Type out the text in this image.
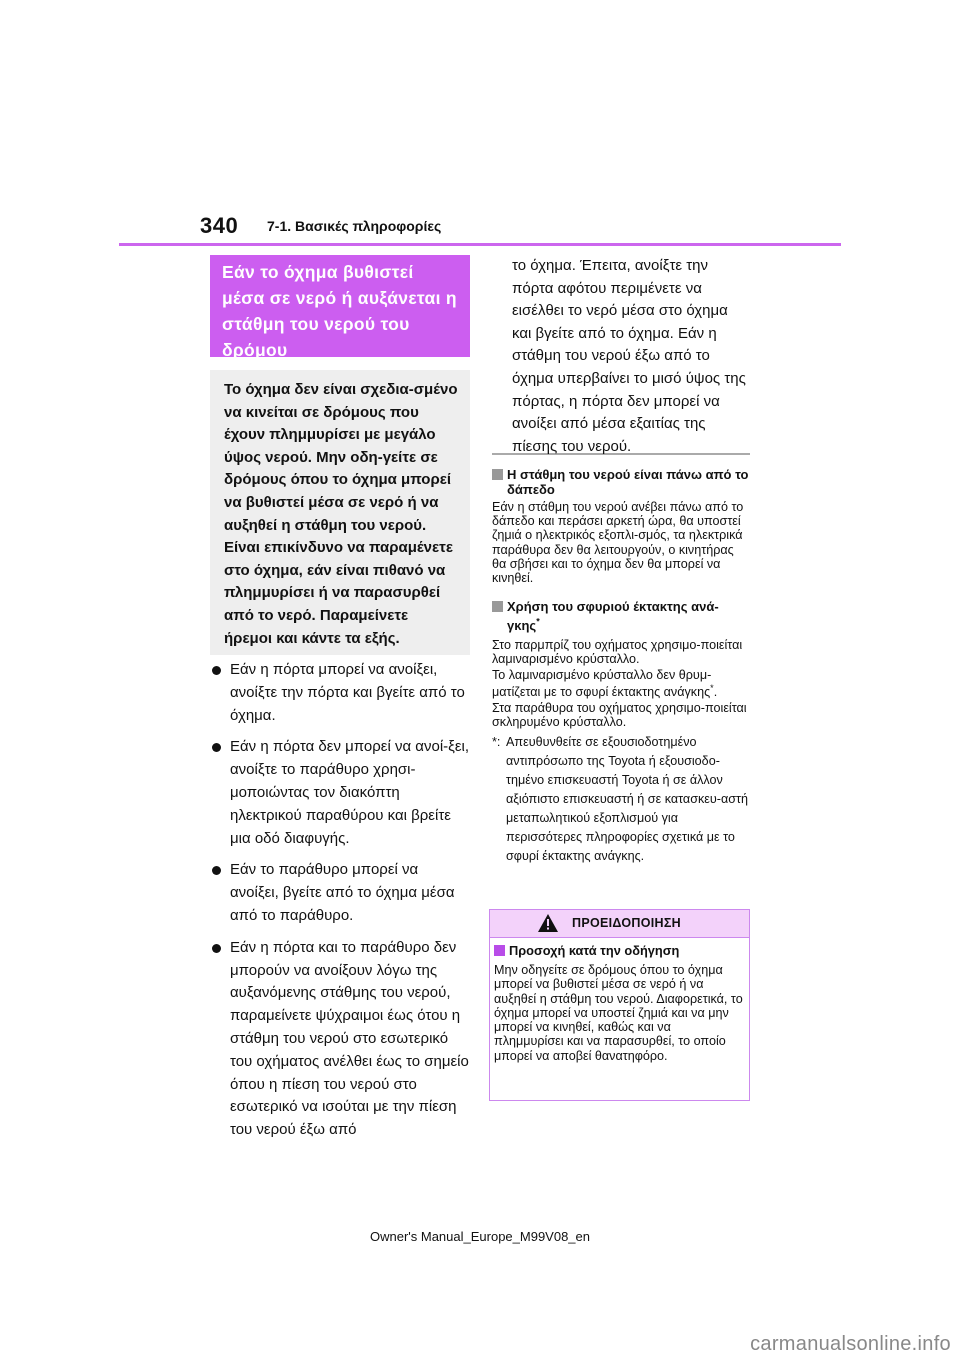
340 7-1. Βασικές πληροφορίες
Εάν το όχημα βυθιστεί μέσα σε νερό ή αυξάνεται η στάθμη του νερού του δρόμου
Το όχημα δεν είναι σχεδια-σμένο να κινείται σε δρόμους που έχουν πλημμυρίσει με μεγάλο ύψος νερού. Μην οδη-γείτε σε δρόμους όπου το όχημα μπορεί να βυθιστεί μέσα σε νερό ή να αυξηθεί η στάθμη του νερού. Είναι επικίνδυνο να παραμένετε στο όχημα, εάν είναι πιθανό να πλημμυρίσει ή να παρασυρθεί από το νερό. Παραμείνετε ήρεμοι και κάντε τα εξής.
Εάν η πόρτα μπορεί να ανοίξει, ανοίξτε την πόρτα και βγείτε από το όχημα.
Εάν η πόρτα δεν μπορεί να ανοί-ξει, ανοίξτε το παράθυρο χρησι-μοποιώντας τον διακόπτη ηλεκτρικού παραθύρου και βρείτε μια οδό διαφυγής.
Εάν το παράθυρο μπορεί να ανοίξει, βγείτε από το όχημα μέσα από το παράθυρο.
Εάν η πόρτα και το παράθυρο δεν μπορούν να ανοίξουν λόγω της αυξανόμενης στάθμης του νερού, παραμείνετε ψύχραιμοι έως ότου η στάθμη του νερού στο εσωτερικό του οχήματος ανέλθει έως το σημείο όπου η πίεση του νερού στο εσωτερικό να ισούται με την πίεση του νερού έξω από
το όχημα. Έπειτα, ανοίξτε την πόρτα αφότου περιμένετε να εισέλθει το νερό μέσα στο όχημα και βγείτε από το όχημα. Εάν η στάθμη του νερού έξω από το όχημα υπερβαίνει το μισό ύψος της πόρτας, η πόρτα δεν μπορεί να ανοίξει από μέσα εξαιτίας της πίεσης του νερού.
Η στάθμη του νερού είναι πάνω από το δάπεδο
Εάν η στάθμη του νερού ανέβει πάνω από το δάπεδο και περάσει αρκετή ώρα, θα υποστεί ζημιά ο ηλεκτρικός εξοπλι-σμός, τα ηλεκτρικά παράθυρα δεν θα λειτουργούν, ο κινητήρας θα σβήσει και το όχημα δεν θα μπορεί να κινηθεί.
Χρήση του σφυριού έκτακτης ανά-γκης*
Στο παρμπρίζ του οχήματος χρησιμο-ποιείται λαμιναρισμένο κρύσταλλο.
Το λαμιναρισμένο κρύσταλλο δεν θρυμ-ματίζεται με το σφυρί έκτακτης ανάγκης*.
Στα παράθυρα του οχήματος χρησιμο-ποιείται σκληρυμένο κρύσταλλο.
*: Απευθυνθείτε σε εξουσιοδοτημένο αντιπρόσωπο της Toyota ή εξουσιοδο-τημένο επισκευαστή Toyota ή σε άλλον αξιόπιστο επισκευαστή ή σε κατασκευ-αστή μεταπωλητικού εξοπλισμού για περισσότερες πληροφορίες σχετικά με το σφυρί έκτακτης ανάγκης.
ΠΡΟΕΙΔΟΠΟΙΗΣΗ
Προσοχή κατά την οδήγηση
Μην οδηγείτε σε δρόμους όπου το όχημα μπορεί να βυθιστεί μέσα σε νερό ή να αυξηθεί η στάθμη του νερού. Διαφορετικά, το όχημα μπορεί να υποστεί ζημιά και να μην μπορεί να κινηθεί, καθώς και να πλημμυρίσει και να παρασυρθεί, το οποίο μπορεί να αποβεί θανατηφόρο.
Owner's Manual_Europe_M99V08_en
carmanualsonline.info
